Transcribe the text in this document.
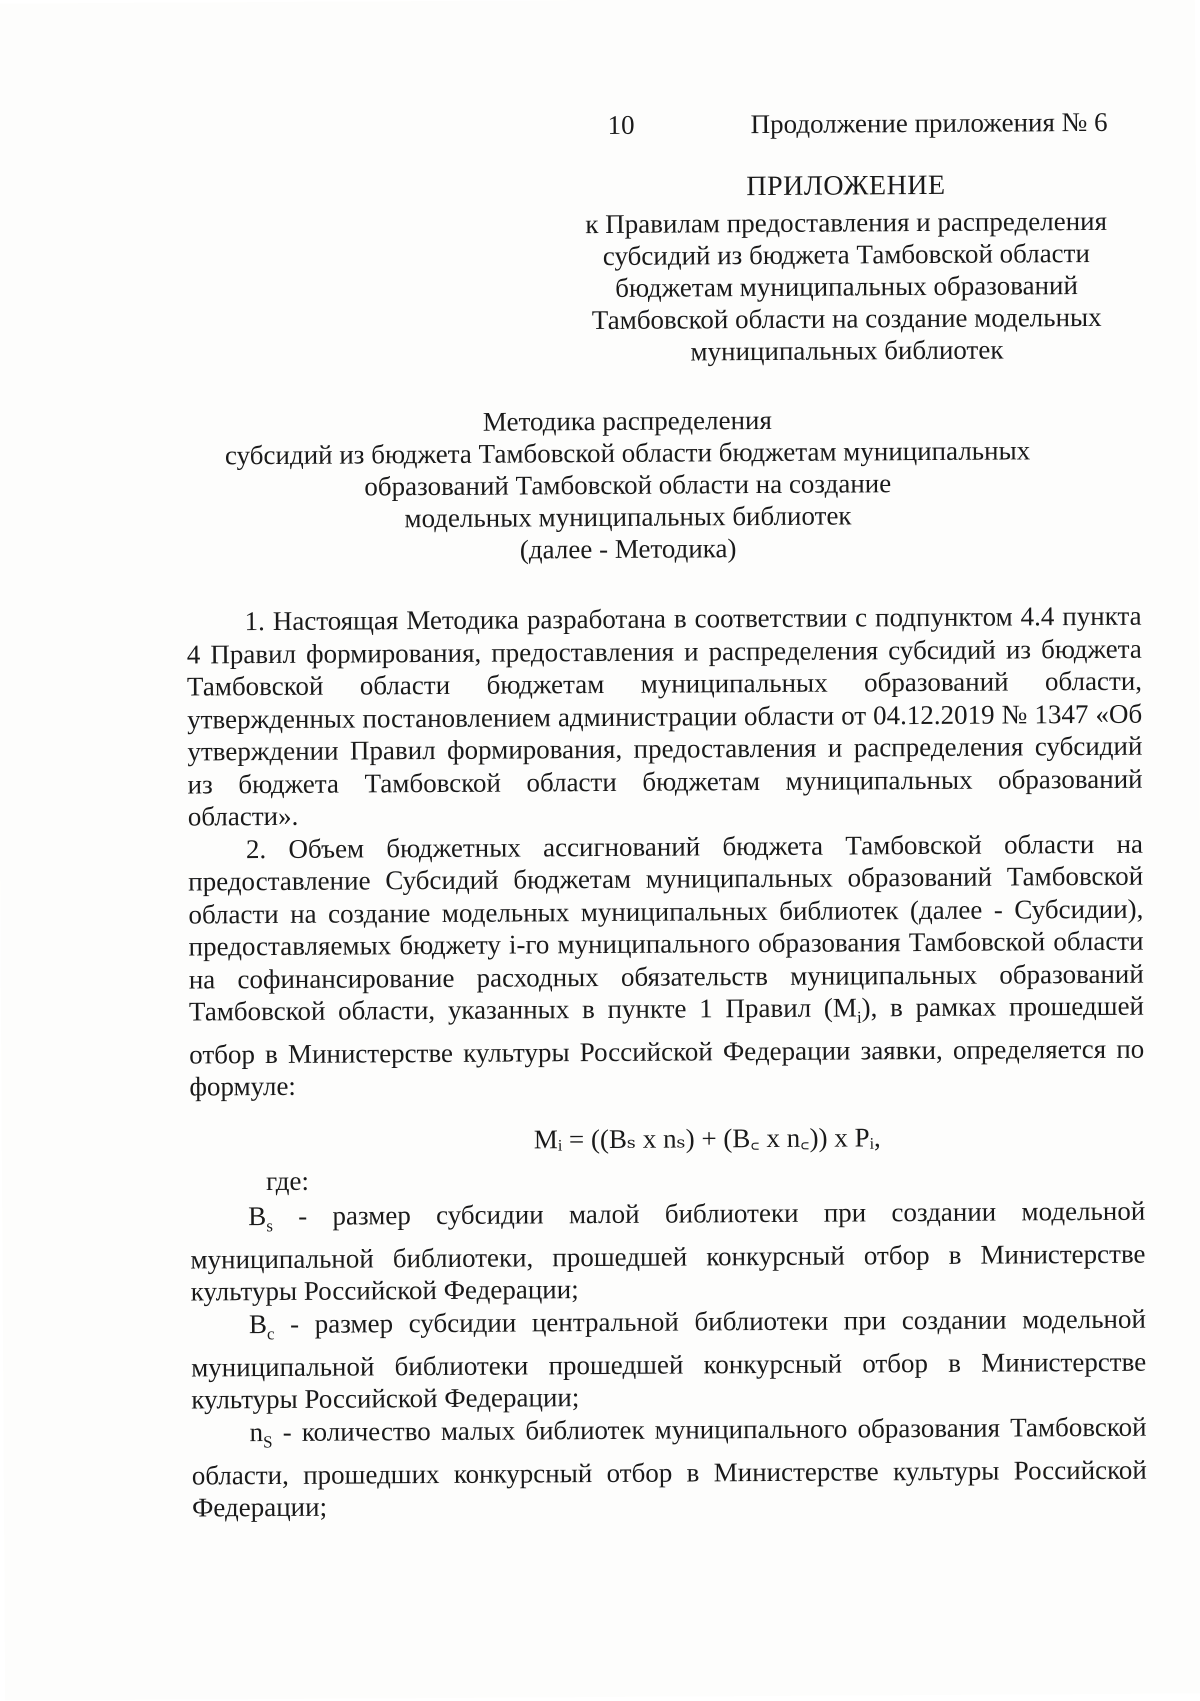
10	Продолжение приложения № 6
ПРИЛОЖЕНИЕ
к Правилам предоставления и распределения
субсидий из бюджета Тамбовской области
бюджетам муниципальных образований
Тамбовской области на создание модельных
муниципальных библиотек
Методика распределения
субсидий из бюджета Тамбовской области бюджетам муниципальных
образований Тамбовской области на создание
модельных муниципальных библиотек
(далее - Методика)

1. Настоящая Методика разработана в соответствии с подпунктом 4.4 пункта 4 Правил формирования, предоставления и распределения субсидий из бюджета Тамбовской области бюджетам муниципальных образований области, утвержденных постановлением администрации области от 04.12.2019 № 1347 «Об утверждении Правил формирования, предоставления и распределения субсидий из бюджета Тамбовской области бюджетам муниципальных образований области».

2. Объем бюджетных ассигнований бюджета Тамбовской области на предоставление Субсидий бюджетам муниципальных образований Тамбовской области на создание модельных муниципальных библиотек (далее - Субсидии), предоставляемых бюджету i-го муниципального образования Тамбовской области на софинансирование расходных обязательств муниципальных образований Тамбовской области, указанных в пункте 1 Правил $(M_i)$, в рамках прошедшей отбор в Министерстве культуры Российской Федерации заявки, определяется по формуле:

Mᵢ = ((Bₛ x nₛ) + (B꜀ x n꜀)) x Pᵢ,
где:

$B_s$ - размер субсидии малой библиотеки при создании модельной муниципальной библиотеки, прошедшей конкурсный отбор в Министерстве культуры Российской Федерации;

$B_c$ - размер субсидии центральной библиотеки при создании модельной муниципальной библиотеки прошедшей конкурсный отбор в Министерстве культуры Российской Федерации;

$n_S$ - количество малых библиотек муниципального образования Тамбовской области, прошедших конкурсный отбор в Министерстве культуры Российской Федерации;
